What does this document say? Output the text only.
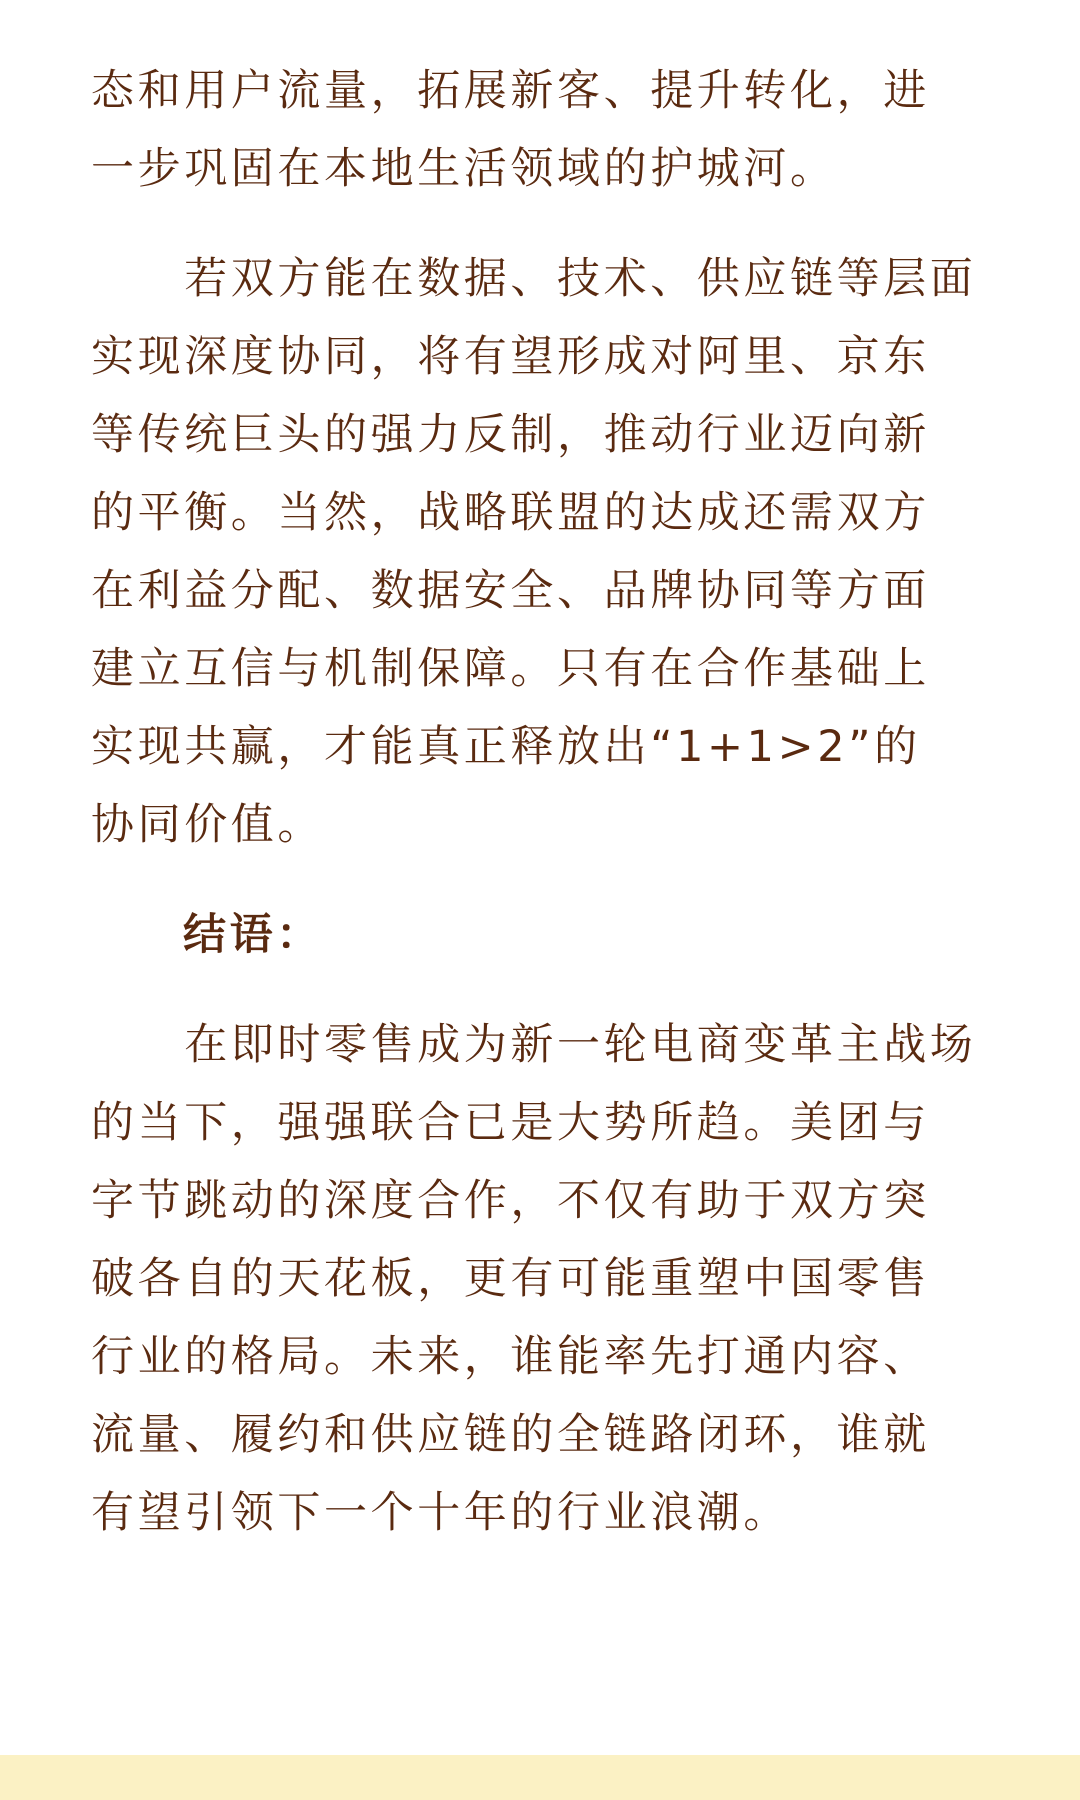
态和用户流量，拓展新客、提升转化，进
一步巩固在本地生活领域的护城河。

　　若双方能在数据、技术、供应链等层面
实现深度协同，将有望形成对阿里、京东
等传统巨头的强力反制，推动行业迈向新
的平衡。当然，战略联盟的达成还需双方
在利益分配、数据安全、品牌协同等方面
建立互信与机制保障。只有在合作基础上
实现共赢，才能真正释放出“1+1>2”的
协同价值。

结语：

　　在即时零售成为新一轮电商变革主战场
的当下，强强联合已是大势所趋。美团与
字节跳动的深度合作，不仅有助于双方突
破各自的天花板，更有可能重塑中国零售
行业的格局。未来，谁能率先打通内容、
流量、履约和供应链的全链路闭环，谁就
有望引领下一个十年的行业浪潮。
